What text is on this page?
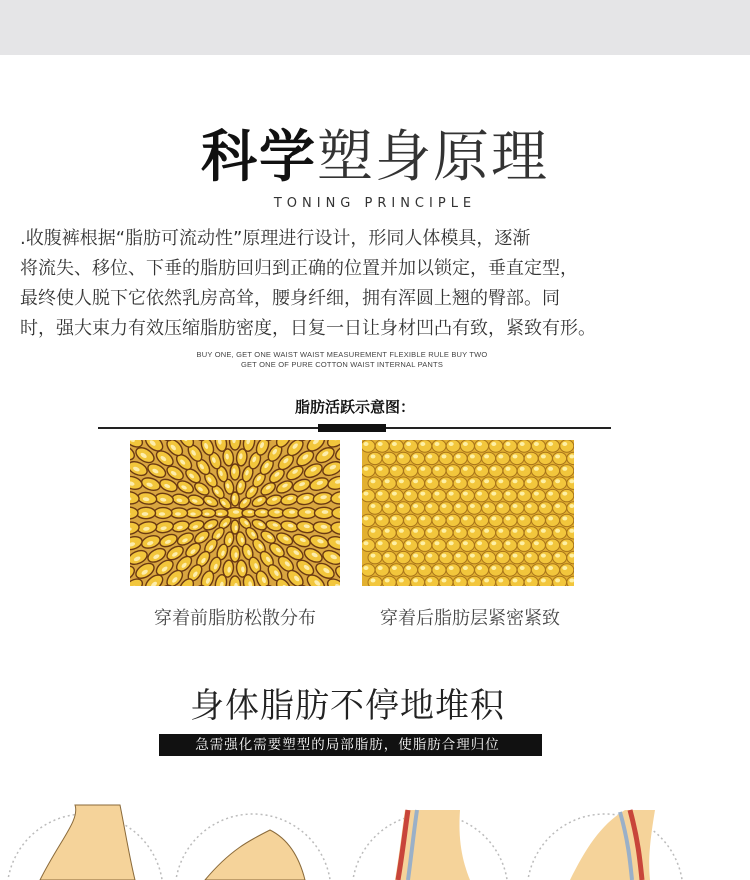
科学塑身原理
TONING PRINCIPLE
.收腹裤根据“脂肪可流动性”原理进行设计，形同人体模具，逐渐
将流失、移位、下垂的脂肪回归到正确的位置并加以锁定，垂直定型，
最终使人脱下它依然乳房高耸，腰身纤细，拥有浑圆上翘的臀部。同
时，强大束力有效压缩脂肪密度，日复一日让身材凹凸有致，紧致有形。
BUY ONE, GET ONE WAIST WAIST MEASUREMENT FLEXIBLE RULE BUY TWO
GET ONE OF PURE COTTON WAIST INTERNAL PANTS
脂肪活跃示意图：
穿着前脂肪松散分布	穿着后脂肪层紧密紧致
身体脂肪不停地堆积
急需强化需要塑型的局部脂肪，使脂肪合理归位
